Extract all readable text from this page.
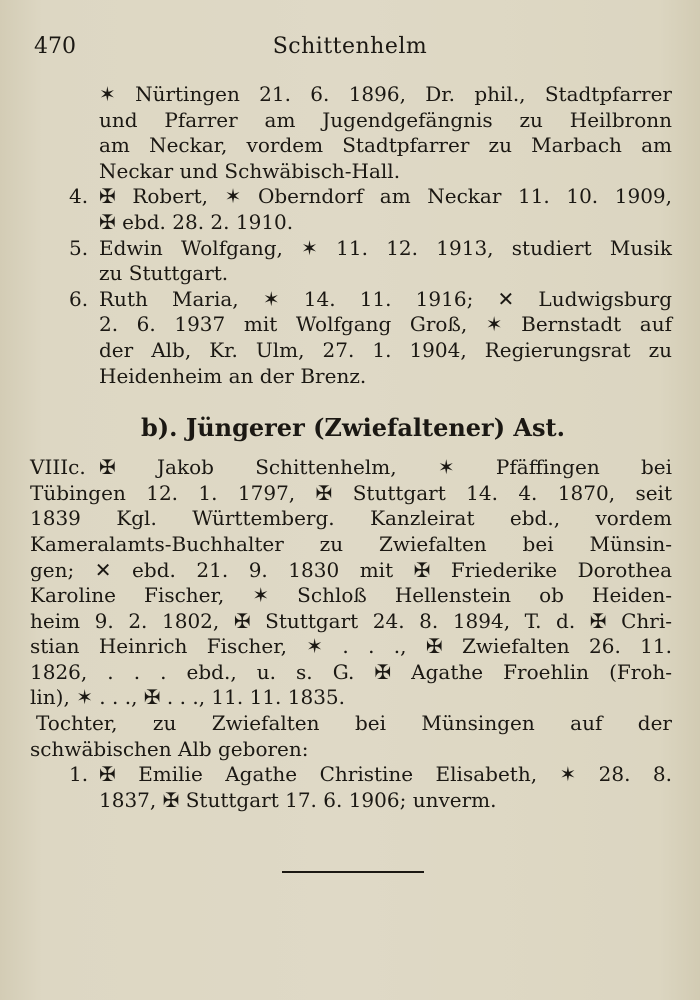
470	Schittenhelm
✶ Nürtingen 21. 6. 1896, Dr. phil., Stadtpfarrer
und Pfarrer am Jugendgefängnis zu Heilbronn
am Neckar, vordem Stadtpfarrer zu Marbach am
Neckar und Schwäbisch-Hall.
4. ✠ Robert, ✶ Oberndorf am Neckar 11. 10. 1909,
✠ ebd. 28. 2. 1910.
5. Edwin Wolfgang, ✶ 11. 12. 1913, studiert Musik
zu Stuttgart.
6. Ruth Maria, ✶ 14. 11. 1916; ✕ Ludwigsburg
2. 6. 1937 mit Wolfgang Groß, ✶ Bernstadt auf
der Alb, Kr. Ulm, 27. 1. 1904, Regierungsrat zu
Heidenheim an der Brenz.
b). Jüngerer (Zwiefaltener) Ast.
VIIIc. ✠ Jakob Schittenhelm, ✶ Pfäffingen bei
Tübingen 12. 1. 1797, ✠ Stuttgart 14. 4. 1870, seit
1839 Kgl. Württemberg. Kanzleirat ebd., vordem
Kameralamts-Buchhalter zu Zwiefalten bei Münsin-
gen; ✕ ebd. 21. 9. 1830 mit ✠ Friederike Dorothea
Karoline Fischer, ✶ Schloß Hellenstein ob Heiden-
heim 9. 2. 1802, ✠ Stuttgart 24. 8. 1894, T. d. ✠ Chri-
stian Heinrich Fischer, ✶ . . ., ✠ Zwiefalten 26. 11.
1826, . . . ebd., u. s. G. ✠ Agathe Froehlin (Froh-
lin), ✶ . . ., ✠ . . ., 11. 11. 1835.
Tochter, zu Zwiefalten bei Münsingen auf der
schwäbischen Alb geboren:
1. ✠ Emilie Agathe Christine Elisabeth, ✶ 28. 8.
1837, ✠ Stuttgart 17. 6. 1906; unverm.
